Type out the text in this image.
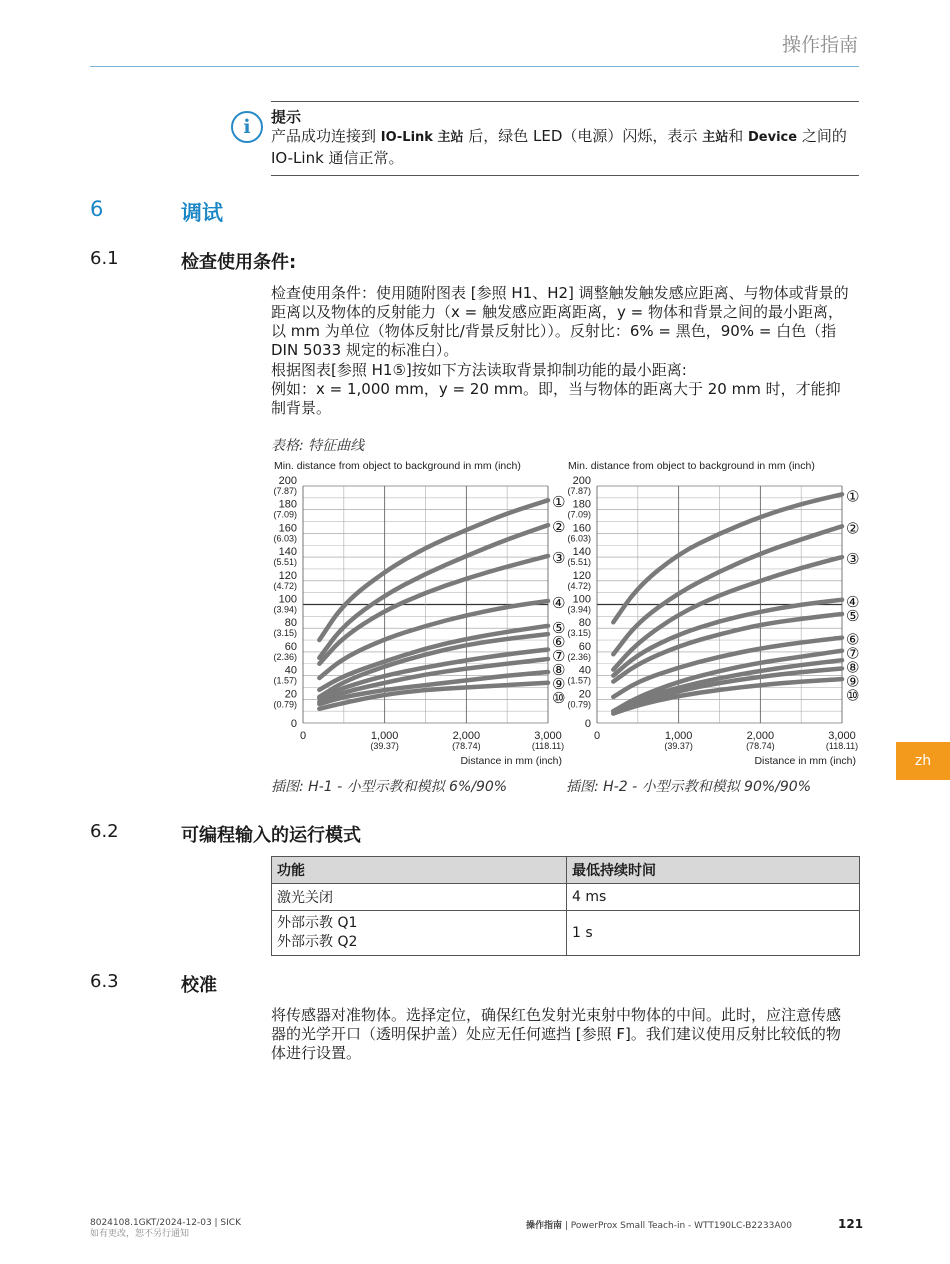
操作指南
i	提示
产品成功连接到 IO-Link 主站 后，绿色 LED（电源）闪烁，表示 主站和 Device 之间的 IO-Link 通信正常。
6	调试
6.1	检查使用条件:
检查使用条件：使用随附图表 [参照 H1、H2] 调整触发触发感应距离、与物体或背景的距离以及物体的反射能力（x = 触发感应距离距离，y = 物体和背景之间的最小距离，以 mm 为单位（物体反射比/背景反射比））。反射比：6% = 黑色，90% = 白色（指 DIN 5033 规定的标准白）。
根据图表[参照 H1⑤]按如下方法读取背景抑制功能的最小距离:
例如：x = 1,000 mm，y = 20 mm。即，当与物体的距离大于 20 mm 时，才能抑制背景。
表格: 特征曲线
Min. distance from object to background in mm (inch)
0
20
(0.79)
40
(1.57)
60
(2.36)
80
(3.15)
100
(3.94)
120
(4.72)
140
(5.51)
160
(6.03)
180
(7.09)
200
(7.87)
0	1,000
(39.37)
2,000
(78.74)
3,000
(118.11)
Distance in mm (inch)
①
②
③
④
⑤
⑥
⑦
⑧
⑨
⑩
Min. distance from object to background in mm (inch)
0
20
(0.79)
40
(1.57)
60
(2.36)
80
(3.15)
100
(3.94)
120
(4.72)
140
(5.51)
160
(6.03)
180
(7.09)
200
(7.87)
0	1,000
(39.37)
2,000
(78.74)
3,000
(118.11)
Distance in mm (inch)
①
②
③
④
⑤
⑥
⑦
⑧
⑨
⑩
插图: H-1 - 小型示教和模拟 6%/90%	插图: H-2 - 小型示教和模拟 90%/90%
zh
6.2	可编程输入的运行模式
功能	最低持续时间
激光关闭	4 ms

外部示教 Q1
外部示教 Q2	1 s
6.3	校准
将传感器对准物体。选择定位，确保红色发射光束射中物体的中间。此时，应注意传感器的光学开口（透明保护盖）处应无任何遮挡 [参照 F]。我们建议使用反射比较低的物体进行设置。
8024108.1GKT/2024-12-03 | SICK
如有更改，恕不另行通知
操作指南 | PowerProx Small Teach-in - WTT190LC-B2233A00	121
